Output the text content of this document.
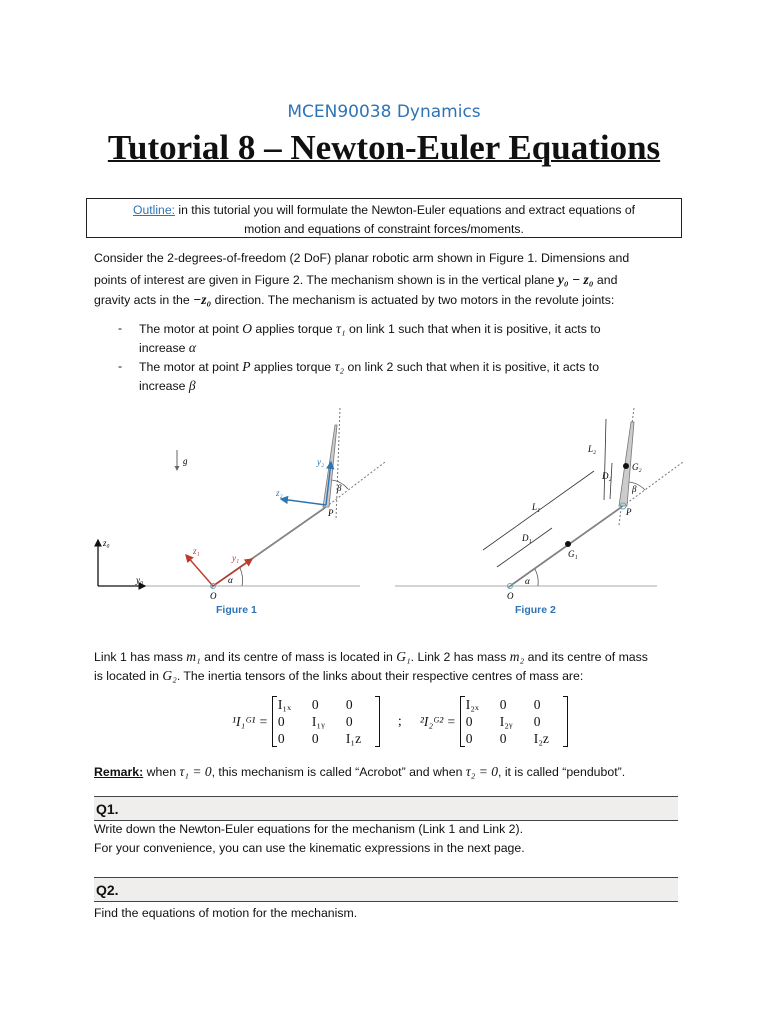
MCEN90038 Dynamics
Tutorial 8 – Newton-Euler Equations
Outline: in this tutorial you will formulate the Newton-Euler equations and extract equations of
motion and equations of constraint forces/moments.
Consider the 2-degrees-of-freedom (2 DoF) planar robotic arm shown in Figure 1. Dimensions and
points of interest are given in Figure 2. The mechanism shown is in the vertical plane y₀ − z₀ and
gravity acts in the −z₀ direction. The mechanism is actuated by two motors in the revolute joints:
- The motor at point O applies torque τ₁ on link 1 such that when it is positive, it acts to
increase α
- The motor at point P applies torque τ₂ on link 2 such that when it is positive, it acts to
increase β
z₀
y₀
g
z₁
y₁
z₂
y₂
β
α
O
P
L₁
D₁
L₂
D₂
G₁
G₂
β
α
O
P
Figure 1	Figure 2
Link 1 has mass m₁ and its centre of mass is located in G₁. Link 2 has mass m₂ and its centre of mass
is located in G₂. The inertia tensors of the links about their respective centres of mass are:
¹I₁ᴳ¹ =
I₁ₓ	0	0
0	I₁ᵧ	0
0	0	I₁z
; ²I₂ᴳ² =
I₂ₓ	0	0
0	I₂ᵧ	0
0	0	I₂z
Remark: when τ₁ = 0, this mechanism is called “Acrobot” and when τ₂ = 0, it is called “pendubot”.
Q1.
Write down the Newton-Euler equations for the mechanism (Link 1 and Link 2).
For your convenience, you can use the kinematic expressions in the next page.
Q2.
Find the equations of motion for the mechanism.
